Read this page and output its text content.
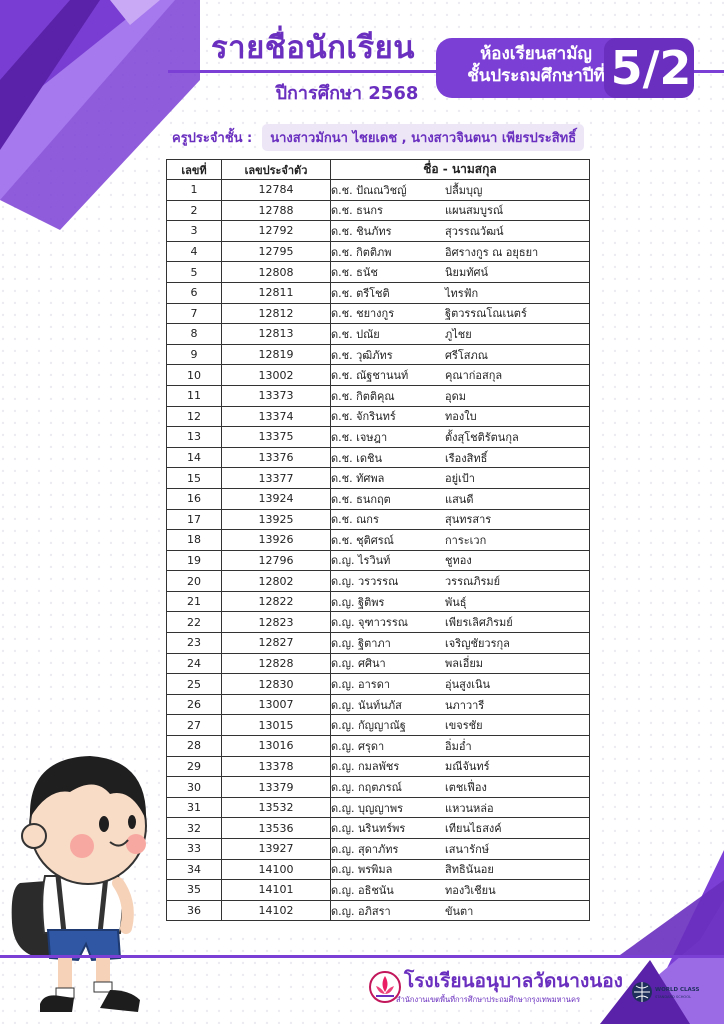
รายชื่อนักเรียน
ปีการศึกษา 2568
ห้องเรียนสามัญ
ชั้นประถมศึกษาปีที่ 5/2
ครูประจำชั้น :	นางสาวมักนา ไชยเดช , นางสาวจินตนา เพียรประสิทธิ์
เลขที่	เลขประจำตัว	ชื่อ - นามสกุล
1	12784	ด.ช. ปัณณวิชญ์ ปลื้มบุญ
2	12788	ด.ช. ธนกร แผนสมบูรณ์
3	12792	ด.ช. ชินภัทร สุวรรณวัฒน์
4	12795	ด.ช. กิตติภพ อิศรางกูร ณ อยุธยา
5	12808	ด.ช. ธนัช นิยมทัศน์
6	12811	ด.ช. ตรีโชติ ไทรฟัก
7	12812	ด.ช. ชยางกูร ฐิตวรรณโณเนตร์
8	12813	ด.ช. ปณัย ภูไชย
9	12819	ด.ช. วุฒิภัทร ศรีโสภณ
10	13002	ด.ช. ณัฐชานนท์ คุณาก่อสกุล
11	13373	ด.ช. กิตติคุณ อุดม
12	13374	ด.ช. จักรินทร์ ทองใบ
13	13375	ด.ช. เจษฎา ตั้งสุโชติรัตนกุล
14	13376	ด.ช. เดชิน เรืองสิทธิ์
15	13377	ด.ช. ทัศพล อยู่เป้า
16	13924	ด.ช. ธนกฤต แสนดี
17	13925	ด.ช. ณกร สุนทรสาร
18	13926	ด.ช. ชุติศรณ์ การะเวก
19	12796	ด.ญ. ไรวินท์ ชูทอง
20	12802	ด.ญ. วรวรรณ วรรณภิรมย์
21	12822	ด.ญ. ฐิติพร พันธุ์
22	12823	ด.ญ. จุฑาวรรณ เพียรเลิศภิรมย์
23	12827	ด.ญ. ฐิตาภา เจริญชัยวรกุล
24	12828	ด.ญ. ศศินา พลเอี่ยม
25	12830	ด.ญ. อารดา อุ่นสูงเนิน
26	13007	ด.ญ. นันท์นภัส นภาวารี
27	13015	ด.ญ. กัญญาณัฐ เขจรชัย
28	13016	ด.ญ. ศรุดา อิ่มอ่ำ
29	13378	ด.ญ. กมลพัชร มณีจันทร์
30	13379	ด.ญ. กฤตภรณ์ เตชเฟื่อง
31	13532	ด.ญ. บุญญาพร แหวนหล่อ
32	13536	ด.ญ. นรินทร์พร เทียนไธสงค์
33	13927	ด.ญ. สุดาภัทร เสนารักษ์
34	14100	ด.ญ. พรพิมล สิทธินันอย
35	14101	ด.ญ. อธิชนัน ทองวิเชียน
36	14102	ด.ญ. อภิสรา ขันตา
โรงเรียนอนุบาลวัดนางนอง
สำนักงานเขตพื้นที่การศึกษาประถมศึกษากรุงเทพมหานคร
WORLD CLASS
STANDARD SCHOOL
